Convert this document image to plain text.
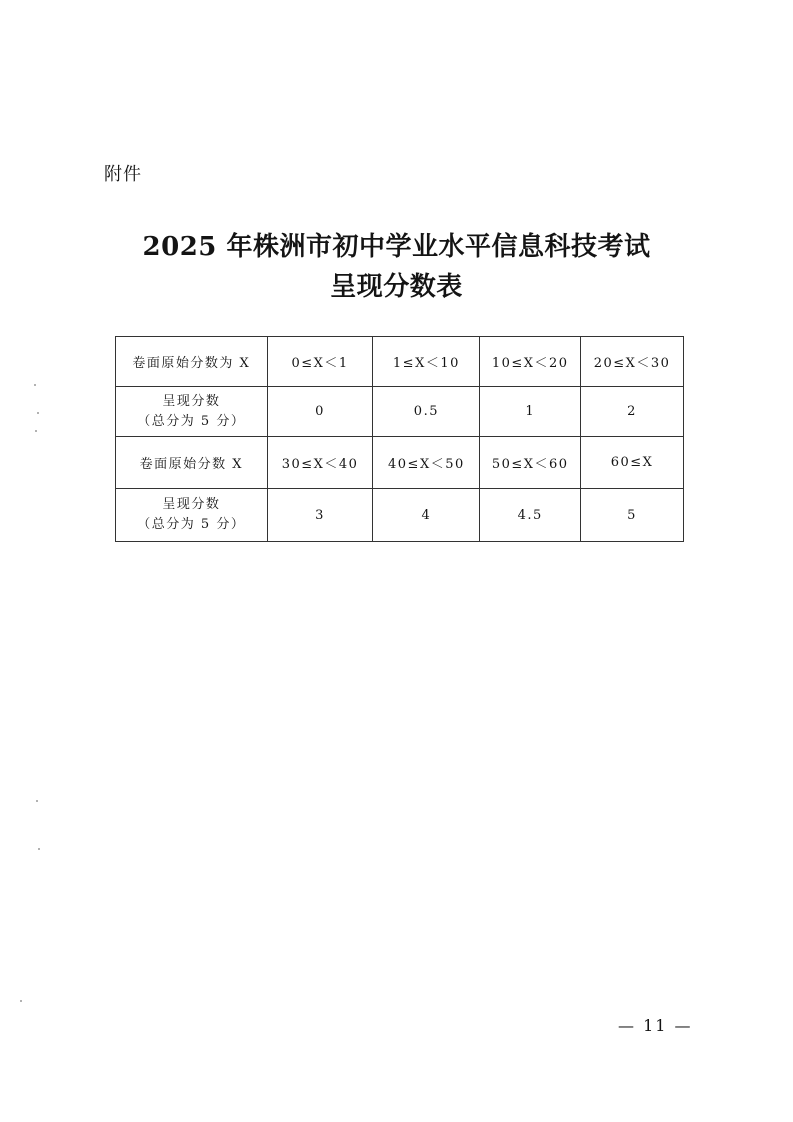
附件
2025 年株洲市初中学业水平信息科技考试
呈现分数表
卷面原始分数为 X	0≤X＜1	1≤X＜10	10≤X＜20	20≤X＜30

呈现分数
（总分为 5 分）	0	0.5	1	2
卷面原始分数 X	30≤X＜40	40≤X＜50	50≤X＜60	60≤X

呈现分数
（总分为 5 分）	3	4	4.5	5
— 11 —
